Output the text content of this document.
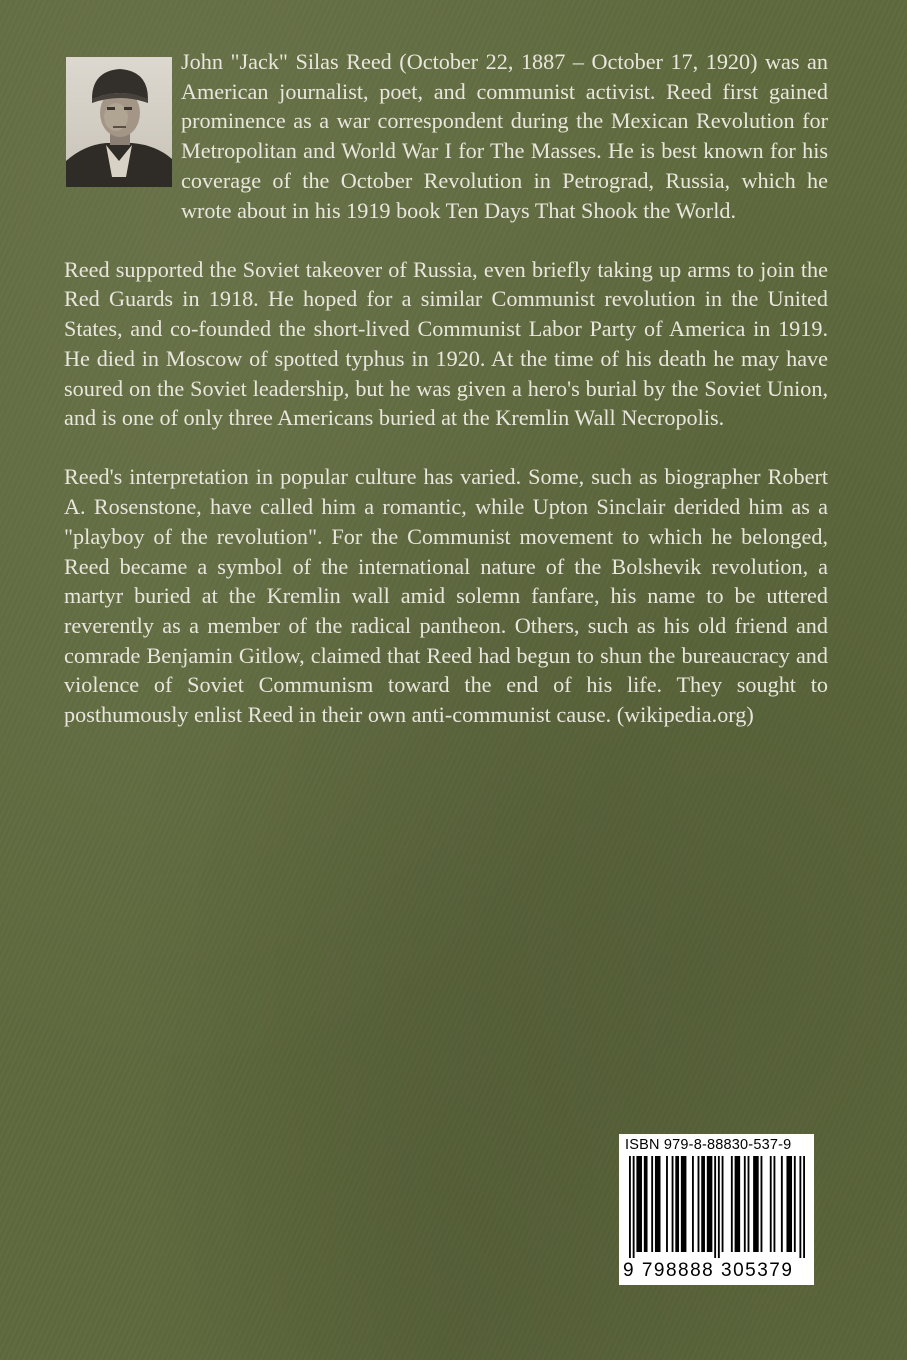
John "Jack" Silas Reed (October 22, 1887 – October 17, 1920) was an American journalist, poet, and communist activist. Reed first gained prominence as a war correspondent during the Mexican Revolution for Metropolitan and World War I for The Masses. He is best known for his coverage of the October Revolution in Petrograd, Russia, which he wrote about in his 1919 book Ten Days That Shook the World.

Reed supported the Soviet takeover of Russia, even briefly taking up arms to join the Red Guards in 1918. He hoped for a similar Communist revolution in the United States, and co-founded the short-lived Communist Labor Party of America in 1919. He died in Moscow of spotted typhus in 1920. At the time of his death he may have soured on the Soviet leadership, but he was given a hero's burial by the Soviet Union, and is one of only three Americans buried at the Kremlin Wall Necropolis.

Reed's interpretation in popular culture has varied. Some, such as biographer Robert A. Rosenstone, have called him a romantic, while Upton Sinclair derided him as a "playboy of the revolution". For the Communist movement to which he belonged, Reed became a symbol of the international nature of the Bolshevik revolution, a martyr buried at the Kremlin wall amid solemn fanfare, his name to be uttered reverently as a member of the radical pantheon. Others, such as his old friend and comrade Benjamin Gitlow, claimed that Reed had begun to shun the bureaucracy and violence of Soviet Communism toward the end of his life. They sought to posthumously enlist Reed in their own anti-communist cause. (wikipedia.org)

ISBN 979-8-88830-537-9
9 798888 305379
